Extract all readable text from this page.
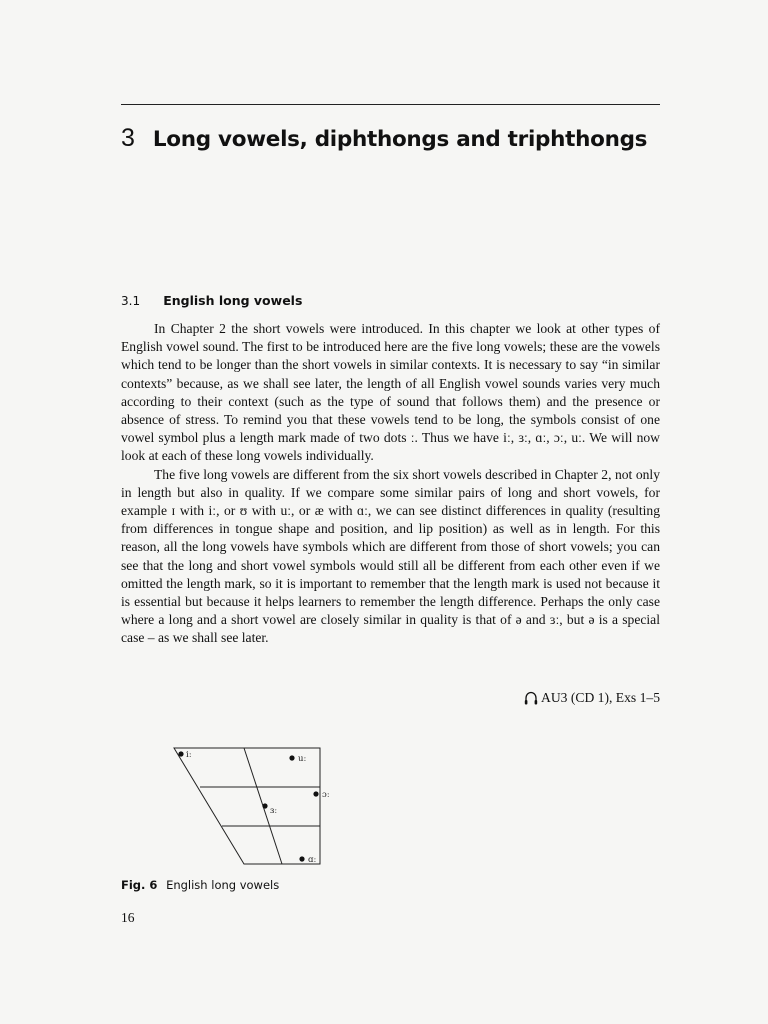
3 Long vowels, diphthongs and triphthongs
3.1 English long vowels

In Chapter 2 the short vowels were introduced. In this chapter we look at other types of English vowel sound. The first to be introduced here are the five long vowels; these are the vowels which tend to be longer than the short vowels in similar contexts. It is necessary to say “in similar contexts” because, as we shall see later, the length of all English vowel sounds varies very much according to their context (such as the type of sound that follows them) and the presence or absence of stress. To remind you that these vowels tend to be long, the symbols consist of one vowel symbol plus a length mark made of two dots ː. Thus we have iː, ɜː, ɑː, ɔː, uː. We will now look at each of these long vowels individually.

The five long vowels are different from the six short vowels described in Chapter 2, not only in length but also in quality. If we compare some similar pairs of long and short vowels, for example ɪ with iː, or ʊ with uː, or æ with ɑː, we can see distinct differences in quality (resulting from differences in tongue shape and position, and lip position) as well as in length. For this reason, all the long vowels have symbols which are different from those of short vowels; you can see that the long and short vowel symbols would still all be different from each other even if we omitted the length mark, so it is important to remember that the length mark is used not because it is essential but because it helps learners to remember the length difference. Perhaps the only case where a long and a short vowel are closely similar in quality is that of ə and ɜː, but ə is a special case – as we shall see later.

AU3 (CD 1), Exs 1–5
iː	uː
ɔː
ɜː
ɑː
Fig. 6 English long vowels
16
